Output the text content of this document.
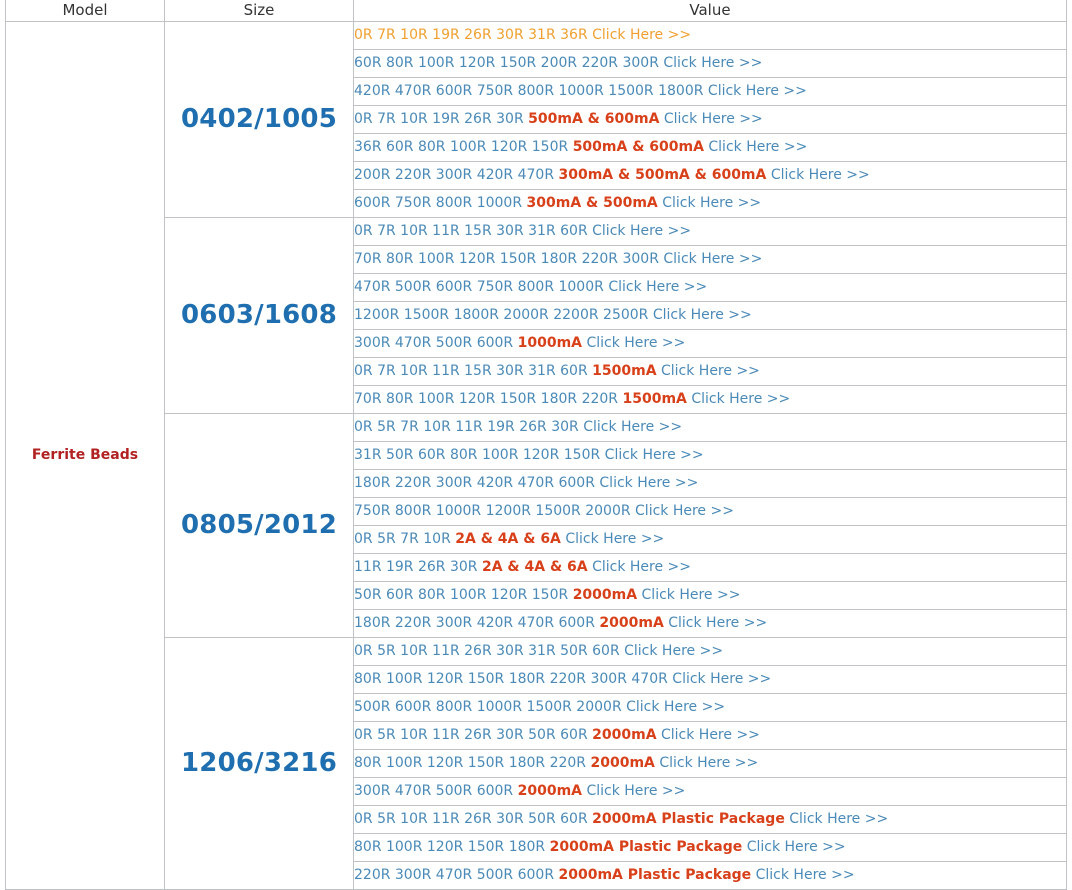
Model	Size	Value
Ferrite Beads	0402/1005	0R 7R 10R 19R 26R 30R 31R 36R Click Here >>
		60R 80R 100R 120R 150R 200R 220R 300R Click Here >>
		420R 470R 600R 750R 800R 1000R 1500R 1800R Click Here >>
		0R 7R 10R 19R 26R 30R 500mA & 600mA Click Here >>
		36R 60R 80R 100R 120R 150R 500mA & 600mA Click Here >>
		200R 220R 300R 420R 470R 300mA & 500mA & 600mA Click Here >>
		600R 750R 800R 1000R 300mA & 500mA Click Here >>
	0603/1608	0R 7R 10R 11R 15R 30R 31R 60R Click Here >>
		70R 80R 100R 120R 150R 180R 220R 300R Click Here >>
		470R 500R 600R 750R 800R 1000R Click Here >>
		1200R 1500R 1800R 2000R 2200R 2500R Click Here >>
		300R 470R 500R 600R 1000mA Click Here >>
		0R 7R 10R 11R 15R 30R 31R 60R 1500mA Click Here >>
		70R 80R 100R 120R 150R 180R 220R 1500mA Click Here >>
	0805/2012	0R 5R 7R 10R 11R 19R 26R 30R Click Here >>
		31R 50R 60R 80R 100R 120R 150R Click Here >>
		180R 220R 300R 420R 470R 600R Click Here >>
		750R 800R 1000R 1200R 1500R 2000R Click Here >>
		0R 5R 7R 10R 2A & 4A & 6A Click Here >>
		11R 19R 26R 30R 2A & 4A & 6A Click Here >>
		50R 60R 80R 100R 120R 150R 2000mA Click Here >>
		180R 220R 300R 420R 470R 600R 2000mA Click Here >>
	1206/3216	0R 5R 10R 11R 26R 30R 31R 50R 60R Click Here >>
		80R 100R 120R 150R 180R 220R 300R 470R Click Here >>
		500R 600R 800R 1000R 1500R 2000R Click Here >>
		0R 5R 10R 11R 26R 30R 50R 60R 2000mA Click Here >>
		80R 100R 120R 150R 180R 220R 2000mA Click Here >>
		300R 470R 500R 600R 2000mA Click Here >>
		0R 5R 10R 11R 26R 30R 50R 60R 2000mA Plastic Package Click Here >>
		80R 100R 120R 150R 180R 2000mA Plastic Package Click Here >>
		220R 300R 470R 500R 600R 2000mA Plastic Package Click Here >>
